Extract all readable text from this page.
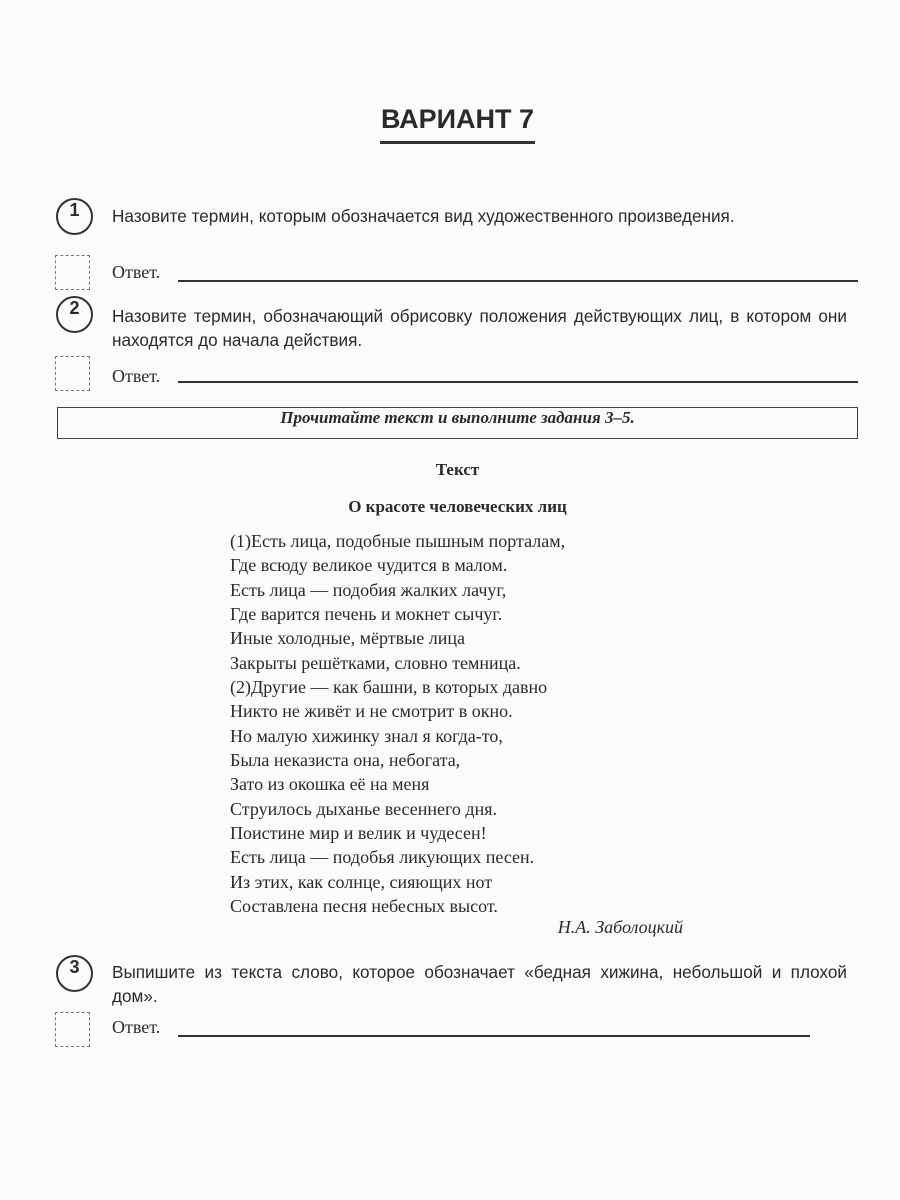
ВАРИАНТ 7
1	Назовите термин, которым обозначается вид художественного произведения.
Ответ.
2	Назовите термин, обозначающий обрисовку положения действующих лиц, в котором они находятся до начала действия.
Ответ.
Прочитайте текст и выполните задания 3–5.
Текст
О красоте человеческих лиц
(1)Есть лица, подобные пышным порталам,
Где всюду великое чудится в малом.
Есть лица — подобия жалких лачуг,
Где варится печень и мокнет сычуг.
Иные холодные, мёртвые лица
Закрыты решётками, словно темница.
(2)Другие — как башни, в которых давно
Никто не живёт и не смотрит в окно.
Но малую хижинку знал я когда-то,
Была неказиста она, небогата,
Зато из окошка её на меня
Струилось дыханье весеннего дня.
Поистине мир и велик и чудесен!
Есть лица — подобья ликующих песен.
Из этих, как солнце, сияющих нот
Составлена песня небесных высот.
Н.А. Заболоцкий
3	Выпишите из текста слово, которое обозначает «бедная хижина, небольшой и плохой дом».
Ответ.
